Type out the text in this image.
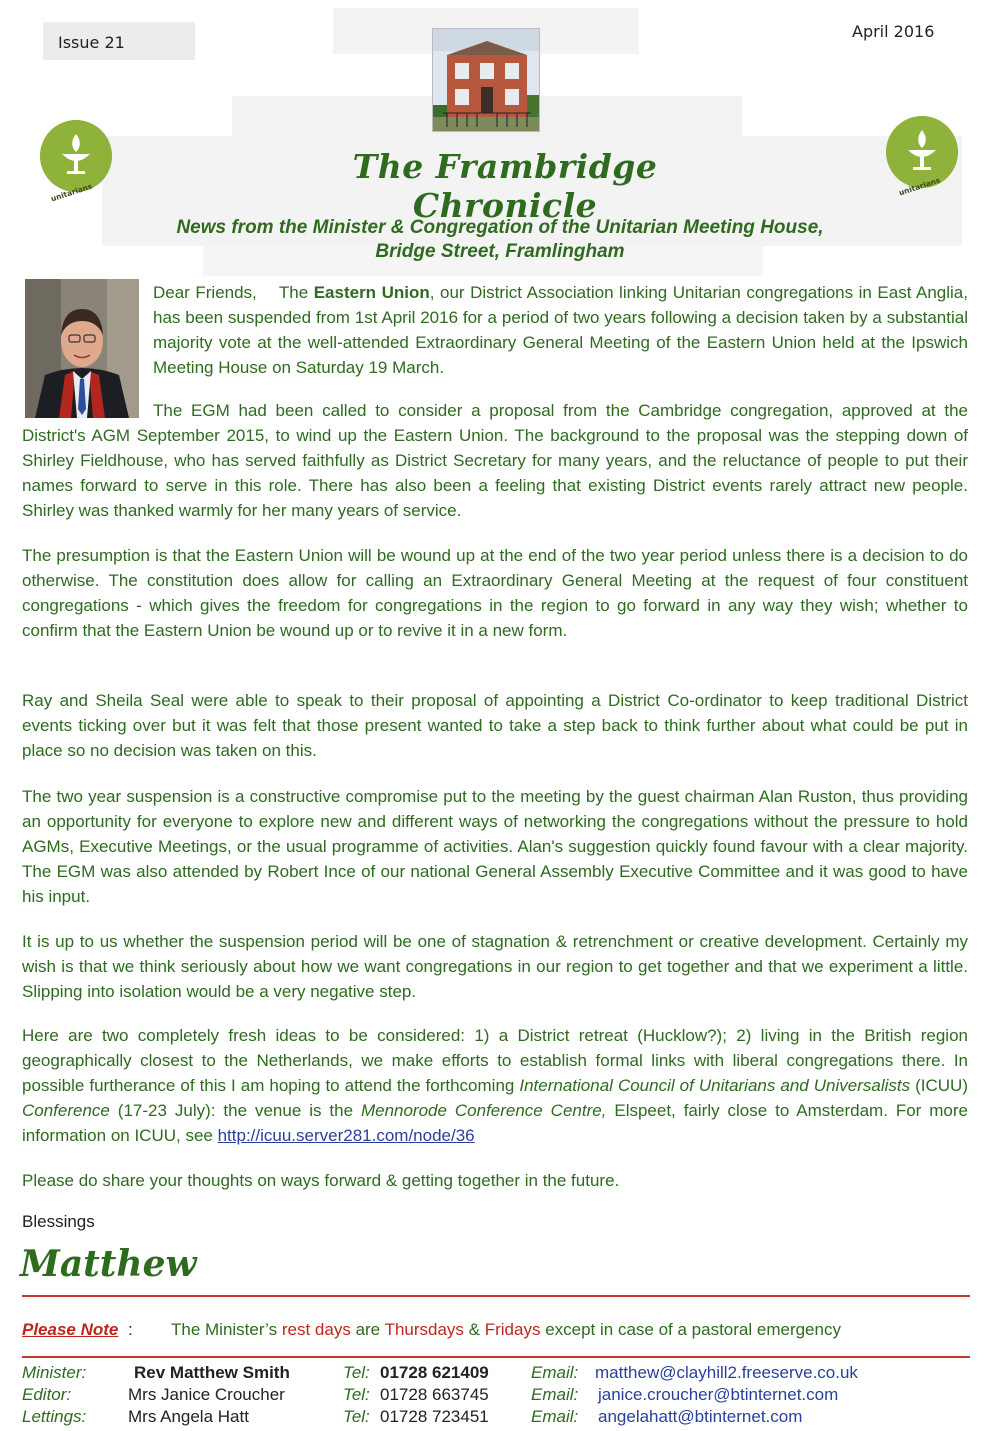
Issue 21
April 2016
unitarians	unitarians
The Frambridge Chronicle
News from the Minister & Congregation of the Unitarian Meeting House,
Bridge Street, Framlingham

Dear Friends, The Eastern Union, our District Association linking Unitarian congregations in East Anglia, has been suspended from 1st April 2016 for a period of two years following a decision taken by a substantial majority vote at the well-attended Extraordinary General Meeting of the Eastern Union held at the Ipswich Meeting House on Saturday 19 March.

The EGM had been called to consider a proposal from the Cambridge congregation, approved at the District's AGM September 2015, to wind up the Eastern Union. The background to the proposal was the stepping down of Shirley Fieldhouse, who has served faithfully as District Secretary for many years, and the reluctance of people to put their names forward to serve in this role. There has also been a feeling that existing District events rarely attract new people. Shirley was thanked warmly for her many years of service.

The presumption is that the Eastern Union will be wound up at the end of the two year period unless there is a decision to do otherwise. The constitution does allow for calling an Extraordinary General Meeting at the request of four constituent congregations - which gives the freedom for congregations in the region to go forward in any way they wish; whether to confirm that the Eastern Union be wound up or to revive it in a new form.

Ray and Sheila Seal were able to speak to their proposal of appointing a District Co-ordinator to keep traditional District events ticking over but it was felt that those present wanted to take a step back to think further about what could be put in place so no decision was taken on this.

The two year suspension is a constructive compromise put to the meeting by the guest chairman Alan Ruston, thus providing an opportunity for everyone to explore new and different ways of networking the congregations without the pressure to hold AGMs, Executive Meetings, or the usual programme of activities. Alan's suggestion quickly found favour with a clear majority. The EGM was also attended by Robert Ince of our national General Assembly Executive Committee and it was good to have his input.

It is up to us whether the suspension period will be one of stagnation & retrenchment or creative development. Certainly my wish is that we think seriously about how we want congregations in our region to get together and that we experiment a little. Slipping into isolation would be a very negative step.

Here are two completely fresh ideas to be considered: 1) a District retreat (Hucklow?); 2) living in the British region geographically closest to the Netherlands, we make efforts to establish formal links with liberal congregations there. In possible furtherance of this I am hoping to attend the forthcoming International Council of Unitarians and Universalists (ICUU) Conference (17-23 July): the venue is the Mennorode Conference Centre, Elspeet, fairly close to Amsterdam. For more information on ICUU, see http://icuu.server281.com/node/36

Please do share your thoughts on ways forward & getting together in the future.

Blessings
Matthew
Please Note : The Minister’s rest days are Thursdays & Fridays except in case of a pastoral emergency
Minister:	Rev Matthew Smith	Tel: 01728 621409 Email: matthew@clayhill2.freeserve.co.uk
Editor:	Mrs Janice Croucher	Tel: 01728 663745 Email: janice.croucher@btinternet.com
Lettings: Mrs Angela Hatt	Tel: 01728 723451 Email: angelahatt@btinternet.com
